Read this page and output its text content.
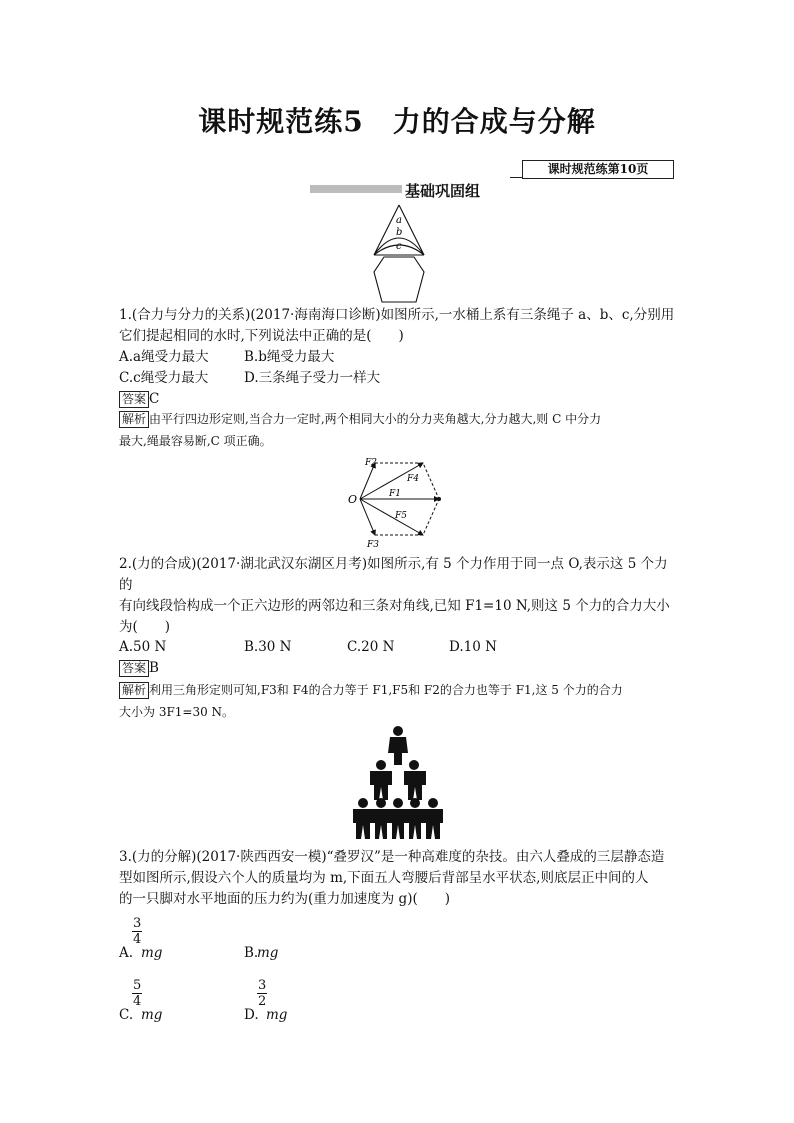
课时规范练5　力的合成与分解
课时规范练第10页
基础巩固组
a
b
c
1.(合力与分力的关系)(2017·海南海口诊断)如图所示,一水桶上系有三条绳子 a、b、c,分别用
它们提起相同的水时,下列说法中正确的是(　　)
A.a绳受力最大	B.b绳受力最大
C.c绳受力最大	D.三条绳子受力一样大
答案 C
解析 由平行四边形定则,当合力一定时,两个相同大小的分力夹角越大,分力越大,则 C 中分力
最大,绳最容易断,C 项正确。
F2
F4
F1
F5
F3
O
2.(力的合成)(2017·湖北武汉东湖区月考)如图所示,有 5 个力作用于同一点 O,表示这 5 个力的
有向线段恰构成一个正六边形的两邻边和三条对角线,已知 F1=10 N,则这 5 个力的合力大小
为(　　)
A.50 N	B.30 N	C.20 N	D.10 N
答案 B
解析 利用三角形定则可知,F3和 F4的合力等于 F1,F5和 F2的合力也等于 F1,这 5 个力的合力
大小为 3F1=30 N。
3.(力的分解)(2017·陕西西安一模)“叠罗汉”是一种高难度的杂技。由六人叠成的三层静态造
型如图所示,假设六个人的质量均为 m,下面五人弯腰后背部呈水平状态,则底层正中间的人
的一只脚对水平地面的压力约为(重力加速度为 g)(　　)
A.
$\frac{3}{4}$
mg	B.
mg
C.
$\frac{5}{4}$
mg	D.
$\frac{3}{2}$
mg
